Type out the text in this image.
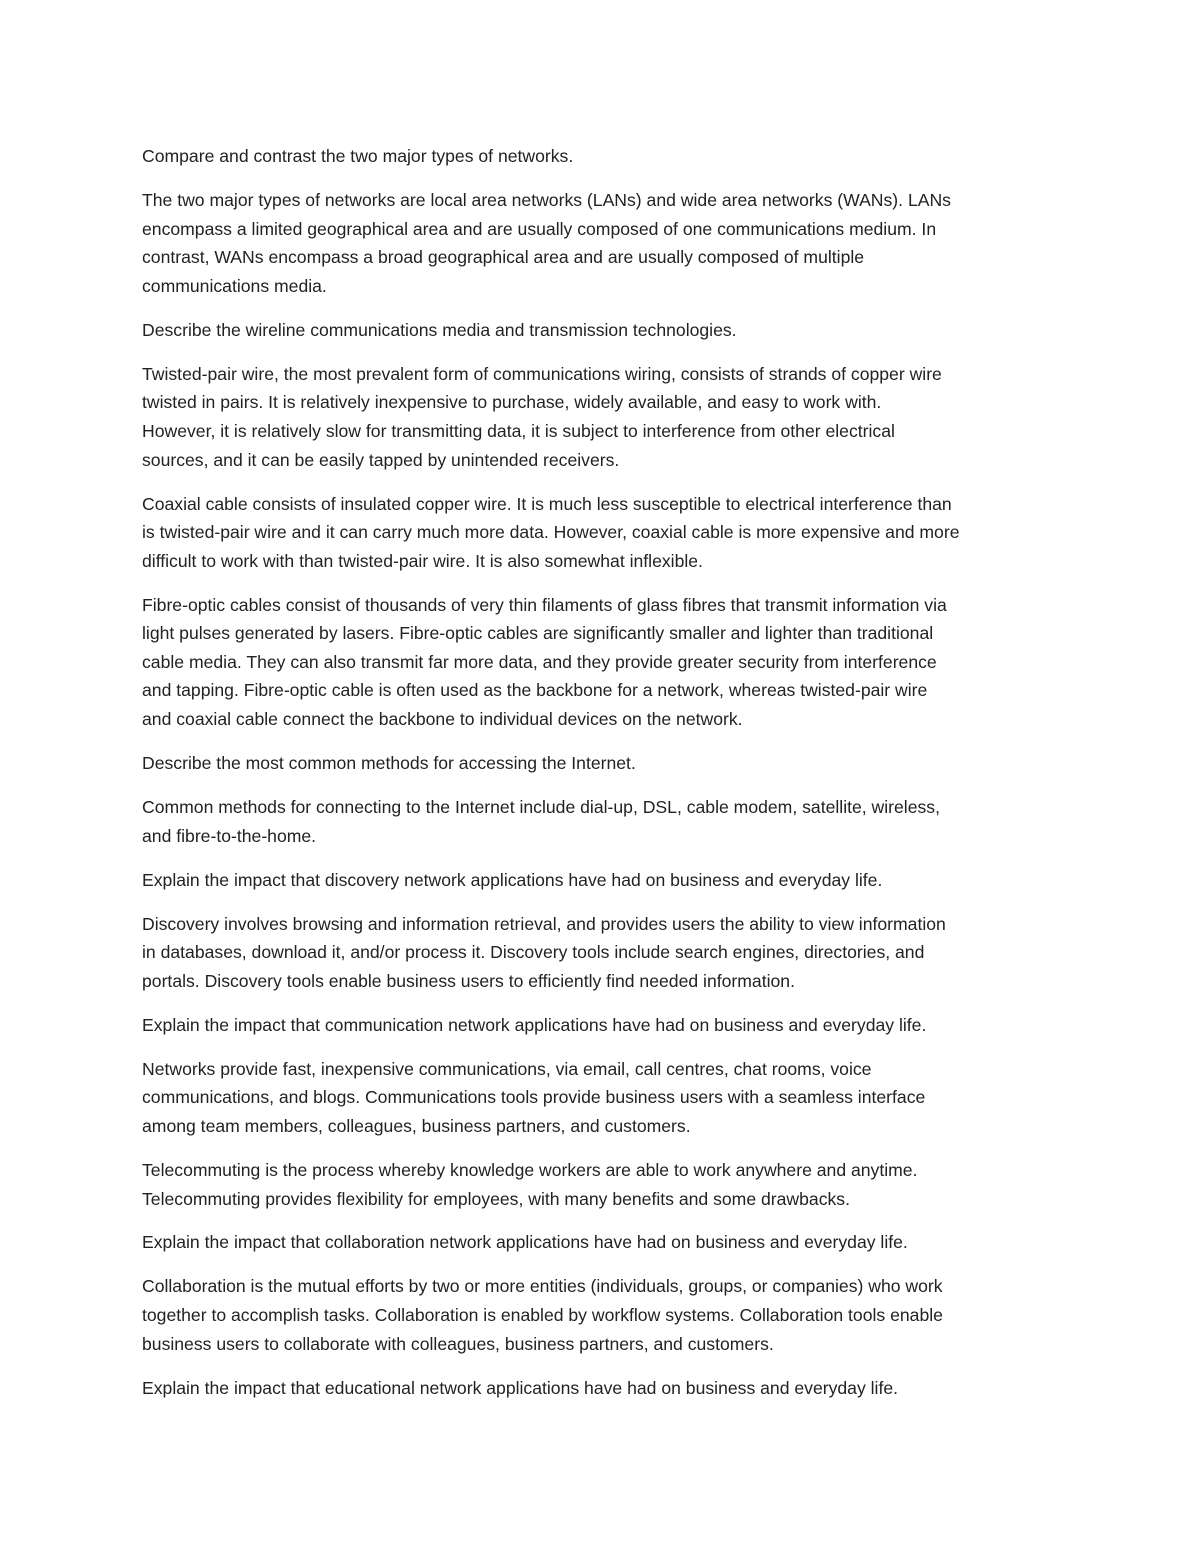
Compare and contrast the two major types of networks.

The two major types of networks are local area networks (LANs) and wide area networks (WANs). LANs
encompass a limited geographical area and are usually composed of one communications medium. In
contrast, WANs encompass a broad geographical area and are usually composed of multiple
communications media.

Describe the wireline communications media and transmission technologies.

Twisted-pair wire, the most prevalent form of communications wiring, consists of strands of copper wire
twisted in pairs. It is relatively inexpensive to purchase, widely available, and easy to work with.
However, it is relatively slow for transmitting data, it is subject to interference from other electrical
sources, and it can be easily tapped by unintended receivers.

Coaxial cable consists of insulated copper wire. It is much less susceptible to electrical interference than
is twisted-pair wire and it can carry much more data. However, coaxial cable is more expensive and more
difficult to work with than twisted-pair wire. It is also somewhat inflexible.

Fibre-optic cables consist of thousands of very thin filaments of glass fibres that transmit information via
light pulses generated by lasers. Fibre-optic cables are significantly smaller and lighter than traditional
cable media. They can also transmit far more data, and they provide greater security from interference
and tapping. Fibre-optic cable is often used as the backbone for a network, whereas twisted-pair wire
and coaxial cable connect the backbone to individual devices on the network.

Describe the most common methods for accessing the Internet.

Common methods for connecting to the Internet include dial-up, DSL, cable modem, satellite, wireless,
and fibre-to-the-home.

Explain the impact that discovery network applications have had on business and everyday life.

Discovery involves browsing and information retrieval, and provides users the ability to view information
in databases, download it, and/or process it. Discovery tools include search engines, directories, and
portals. Discovery tools enable business users to efficiently find needed information.

Explain the impact that communication network applications have had on business and everyday life.

Networks provide fast, inexpensive communications, via email, call centres, chat rooms, voice
communications, and blogs. Communications tools provide business users with a seamless interface
among team members, colleagues, business partners, and customers.

Telecommuting is the process whereby knowledge workers are able to work anywhere and anytime.
Telecommuting provides flexibility for employees, with many benefits and some drawbacks.

Explain the impact that collaboration network applications have had on business and everyday life.

Collaboration is the mutual efforts by two or more entities (individuals, groups, or companies) who work
together to accomplish tasks. Collaboration is enabled by workflow systems. Collaboration tools enable
business users to collaborate with colleagues, business partners, and customers.

Explain the impact that educational network applications have had on business and everyday life.
